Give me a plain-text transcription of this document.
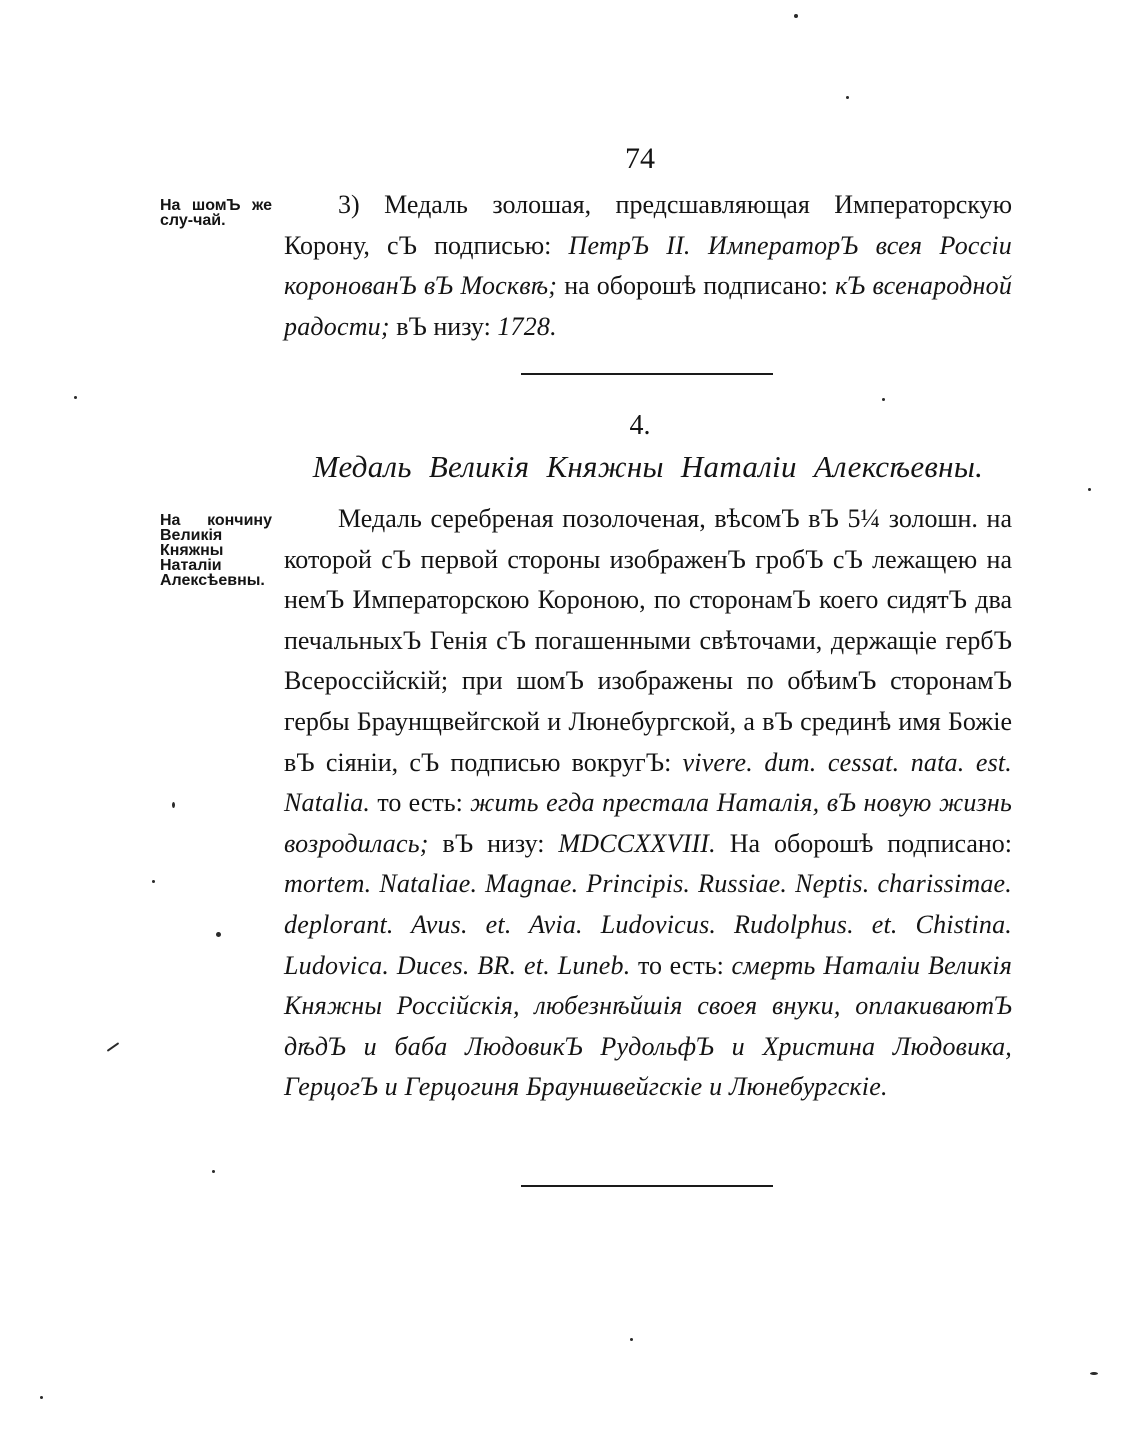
74
На шомЪ же слу-чай.

3) Медаль золошая, предсшавляющая Императорскую Корону, сЪ подписью: ПетрЪ II. ИмператорЪ всея Россіи коронованЪ вЪ Москвѣ; на оборошѣ подписано: кЪ всенародной радости; вЪ низу: 1728.

4.
Медаль Великія Княжны Наталіи Алексѣевны.
На кончину Великія Княжны Наталіи Алексѣевны.

Медаль серебреная позолоченая, вѣсомЪ вЪ 5¼ золошн. на которой сЪ первой стороны изображенЪ гробЪ сЪ лежащею на немЪ Императорскою Короною, по сторонамЪ коего сидятЪ два печальныхЪ Генія сЪ погашенными свѣточами, держащіе гербЪ Всероссійскій; при шомЪ изображены по обѣимЪ сторонамЪ гербы Браунщвейгской и Люнебургской, а вЪ срединѣ имя Божіе вЪ сіяніи, сЪ подписью вокругЪ: vivere. dum. cessat. nata. est. Natalia. то есть: жить егда престала Наталія, вЪ новую жизнь возродилась; вЪ низу: MDCCXXVIII. На оборошѣ подписано: mortem. Nataliae. Magnae. Principis. Russiae. Neptis. charissimae. deplorant. Avus. et. Avia. Ludovicus. Rudolphus. et. Chistina. Ludovica. Duces. BR. et. Luneb. то есть: смерть Наталіи Великія Княжны Россійскія, любезнѣйшія своея внуки, оплакиваютЪ дѣдЪ и баба ЛюдовикЪ РудольфЪ и Христина Людовика, ГерцогЪ и Герцогиня Брауншвейгскіе и Люнебургскіе.
